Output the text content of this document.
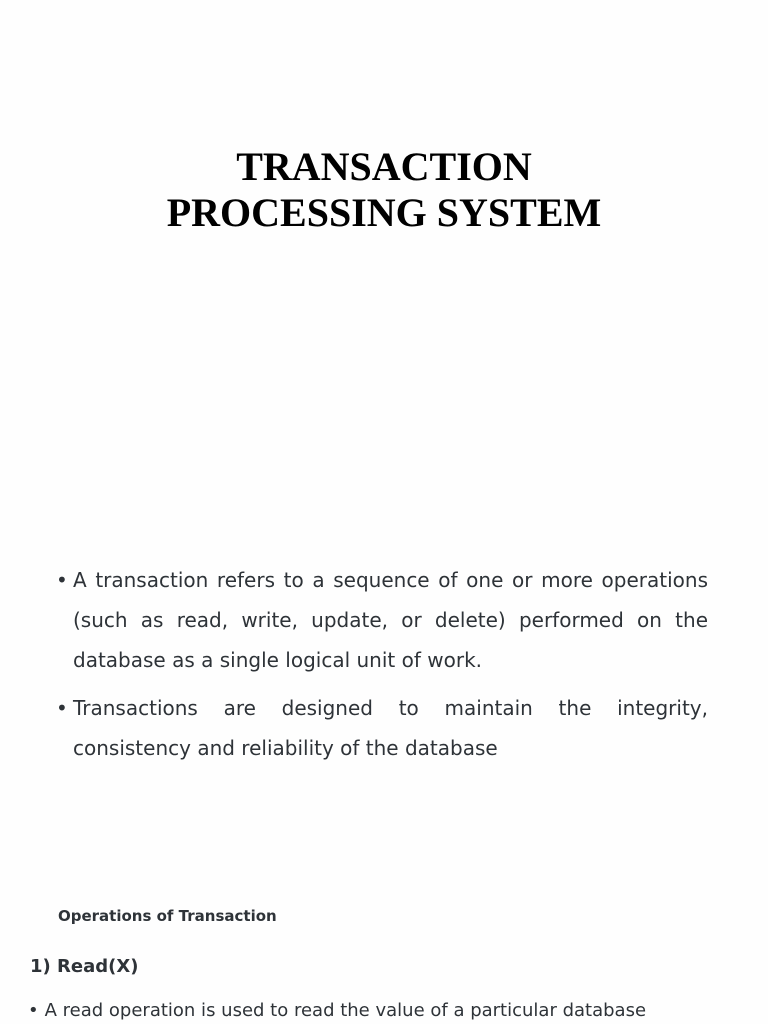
TRANSACTION
PROCESSING SYSTEM
• A transaction refers to a sequence of one or more operations (such as read, write, update, or delete) performed on the database as a single logical unit of work.
• Transactions are designed to maintain the integrity, consistency and reliability of the database

Operations of Transaction

1) Read(X)

• A read operation is used to read the value of a particular database
